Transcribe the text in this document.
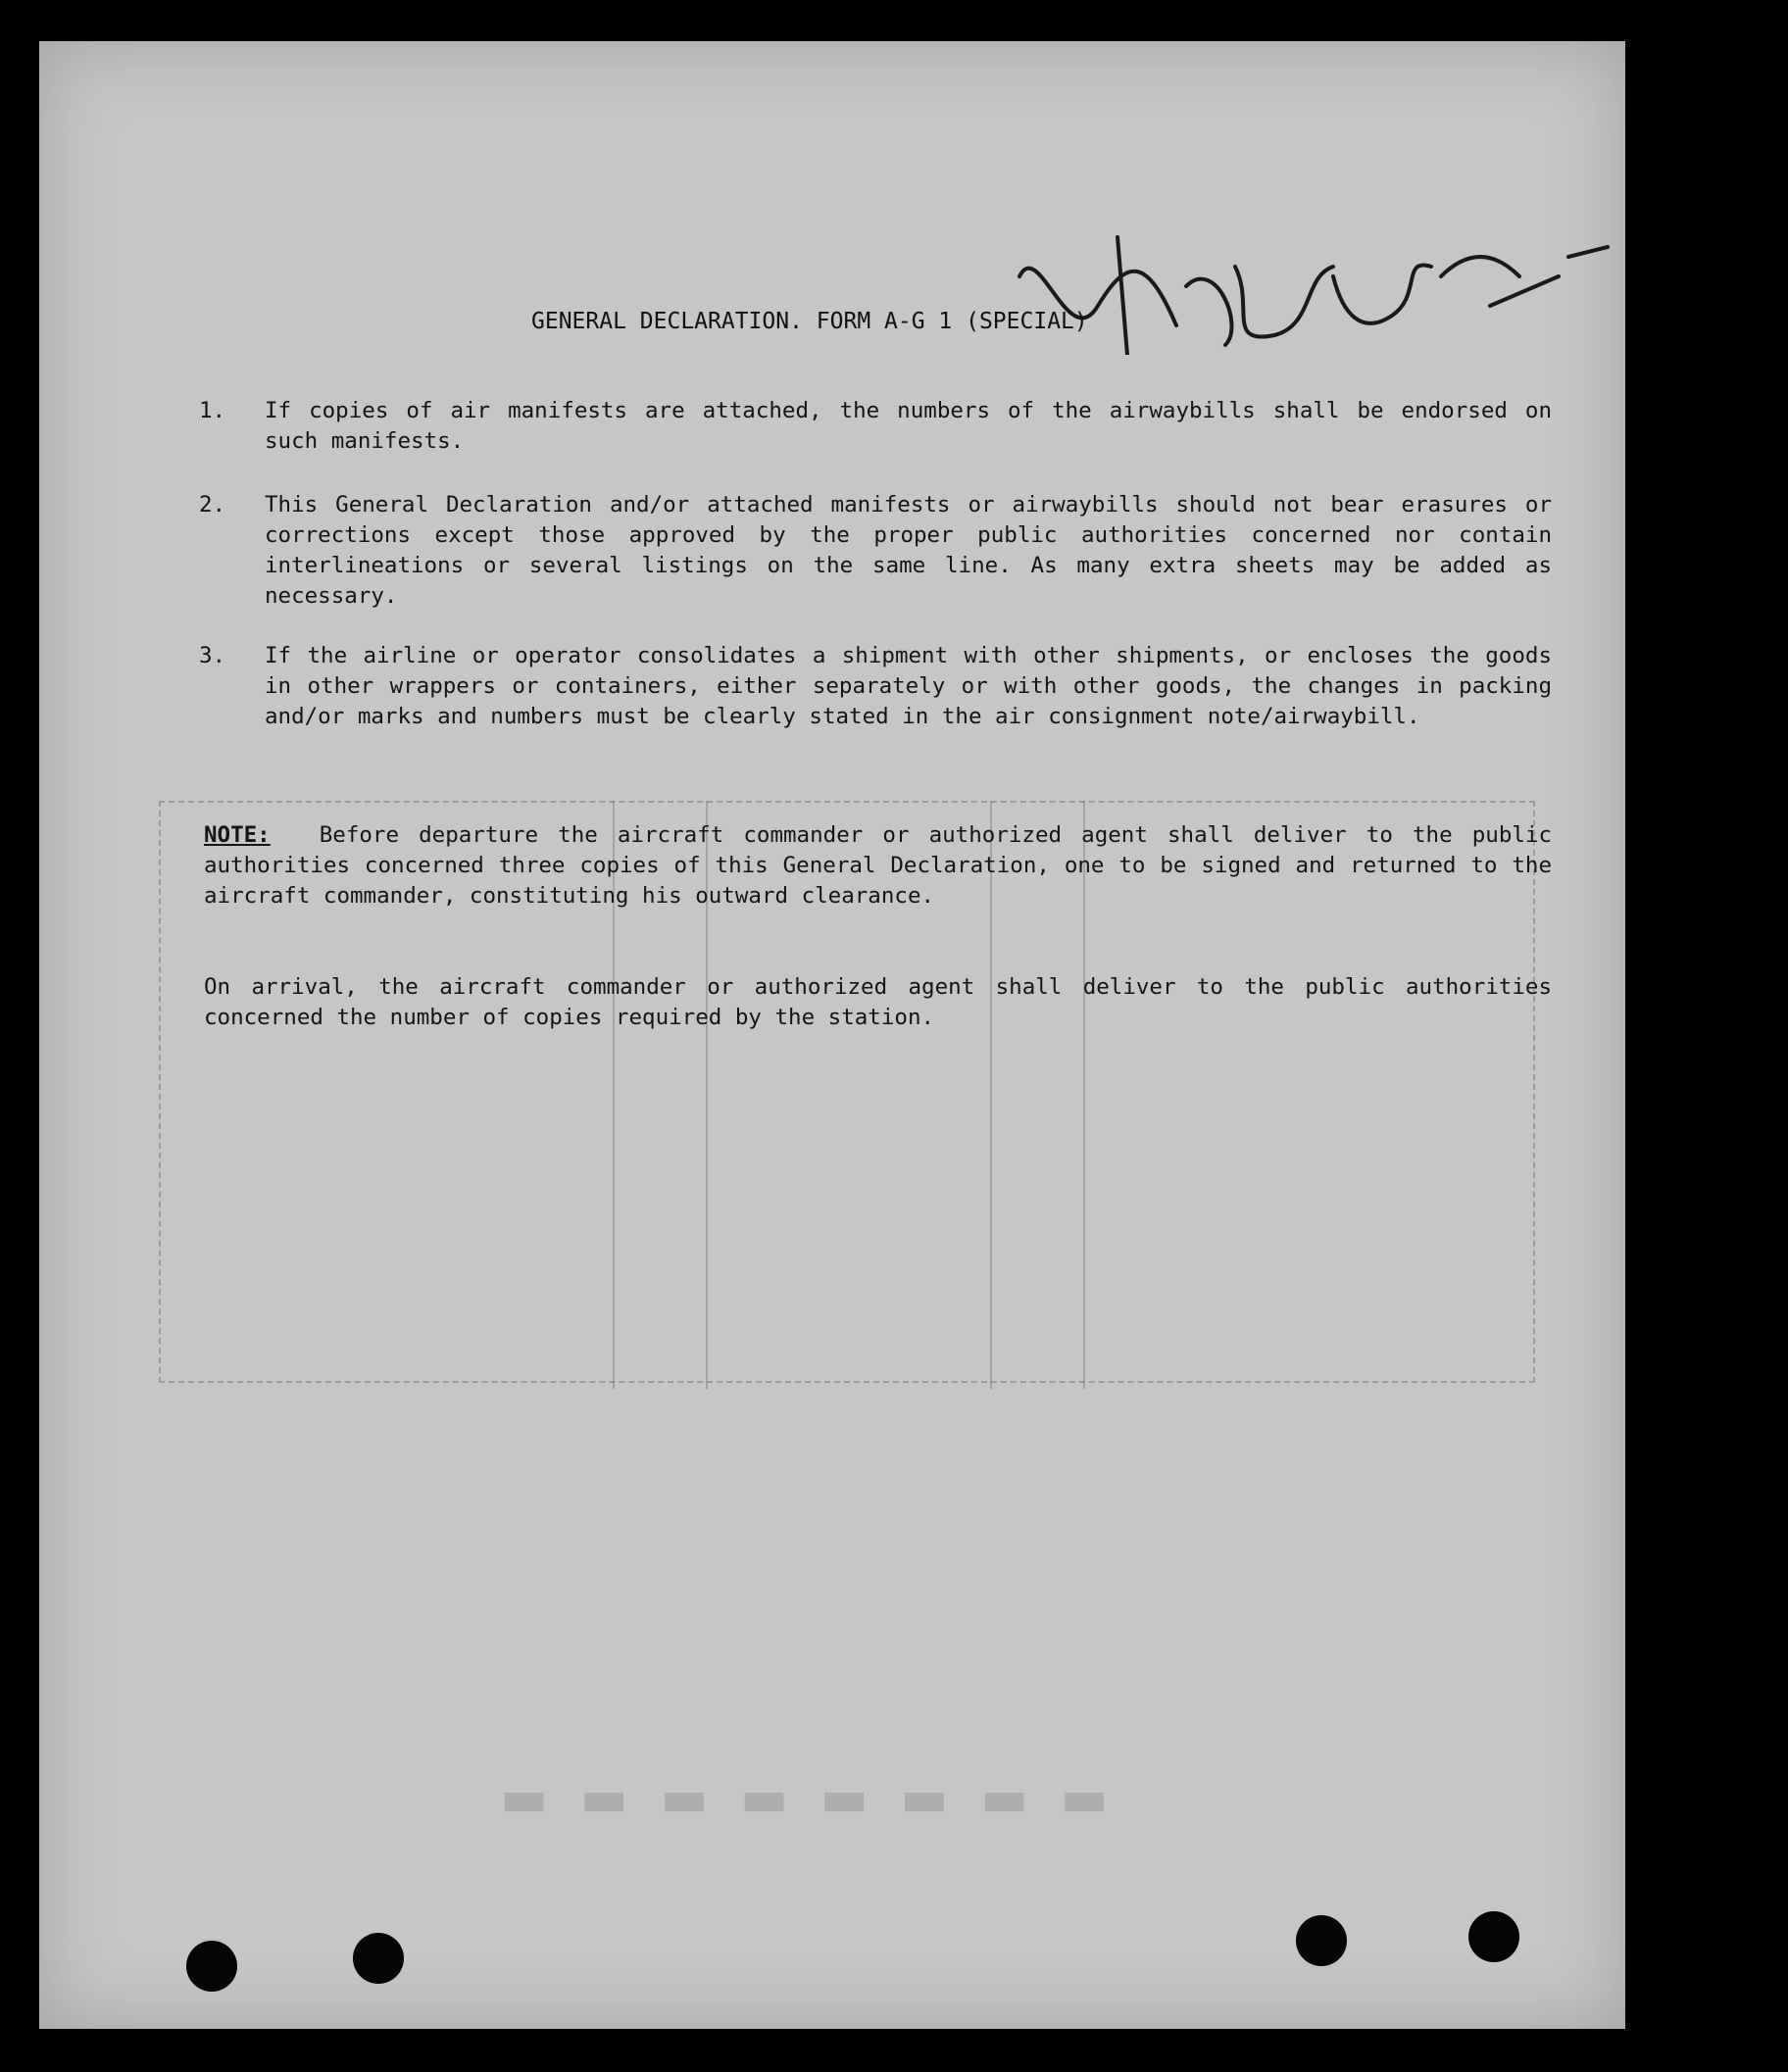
▬ ▬ ▬ ▬ ▬ ▬ ▬ ▬
GENERAL DECLARATION. FORM A-G 1 (SPECIAL)
1.	If copies of air manifests are attached, the numbers of the airwaybills shall be endorsed on such manifests.
2.	This General Declaration and/or attached manifests or airwaybills should not bear erasures or corrections except those approved by the proper public authorities concerned nor contain interlineations or several listings on the same line. As many extra sheets may be added as necessary.
3.	If the airline or operator consolidates a shipment with other shipments, or encloses the goods in other wrappers or containers, either separately or with other goods, the changes in packing and/or marks and numbers must be clearly stated in the air consignment note/airwaybill.
NOTE: Before departure the aircraft commander or authorized agent shall deliver to the public authorities concerned three copies of this General Declaration, one to be signed and returned to the aircraft commander, constituting his outward clearance.
On arrival, the aircraft commander or authorized agent shall deliver to the public authorities concerned the number of copies required by the station.
